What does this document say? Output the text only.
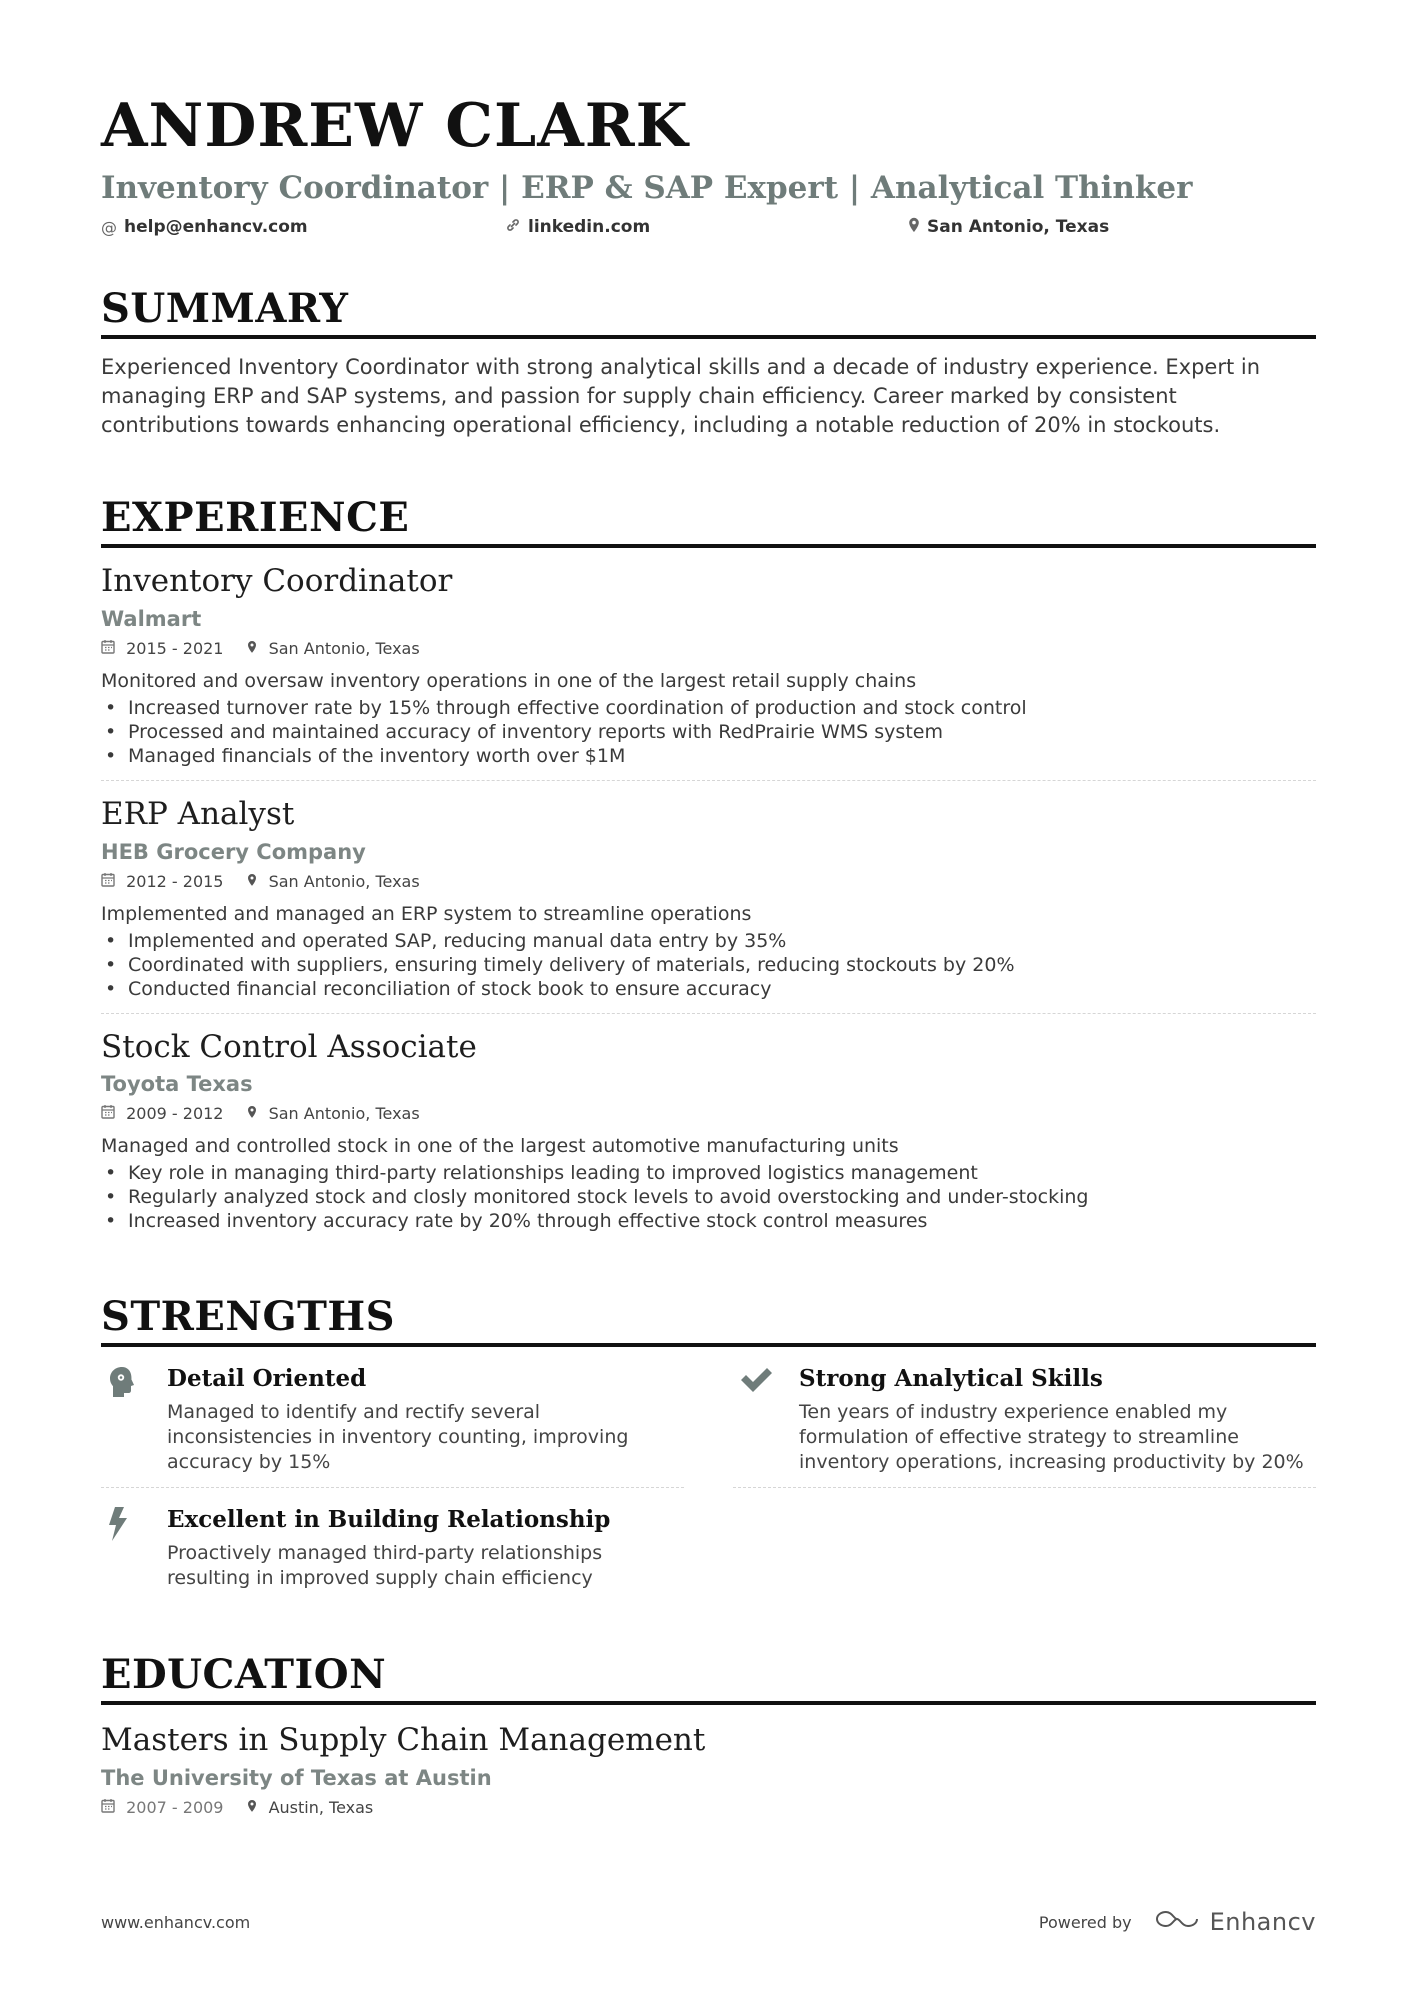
ANDREW CLARK
Inventory Coordinator | ERP & SAP Expert | Analytical Thinker
@ help@enhancv.com	linkedin.com	San Antonio, Texas
SUMMARY
Experienced Inventory Coordinator with strong analytical skills and a decade of industry experience. Expert in managing ERP and SAP systems, and passion for supply chain efficiency. Career marked by consistent contributions towards enhancing operational efficiency, including a notable reduction of 20% in stockouts.
EXPERIENCE
Inventory Coordinator
Walmart
2015 - 2021	San Antonio, Texas
Monitored and oversaw inventory operations in one of the largest retail supply chains
• Increased turnover rate by 15% through effective coordination of production and stock control
• Processed and maintained accuracy of inventory reports with RedPrairie WMS system
• Managed financials of the inventory worth over $1M
ERP Analyst
HEB Grocery Company
2012 - 2015	San Antonio, Texas
Implemented and managed an ERP system to streamline operations
• Implemented and operated SAP, reducing manual data entry by 35%
• Coordinated with suppliers, ensuring timely delivery of materials, reducing stockouts by 20%
• Conducted financial reconciliation of stock book to ensure accuracy
Stock Control Associate
Toyota Texas
2009 - 2012	San Antonio, Texas
Managed and controlled stock in one of the largest automotive manufacturing units
• Key role in managing third-party relationships leading to improved logistics management
• Regularly analyzed stock and closly monitored stock levels to avoid overstocking and under-stocking
• Increased inventory accuracy rate by 20% through effective stock control measures
STRENGTHS
Detail Oriented
Managed to identify and rectify several inconsistencies in inventory counting, improving accuracy by 15%
Strong Analytical Skills
Ten years of industry experience enabled my formulation of effective strategy to streamline inventory operations, increasing productivity by 20%
Excellent in Building Relationship
Proactively managed third-party relationships resulting in improved supply chain efficiency
EDUCATION
Masters in Supply Chain Management
The University of Texas at Austin
2007 - 2009	Austin, Texas
www.enhancv.com	Powered by	Enhancv
